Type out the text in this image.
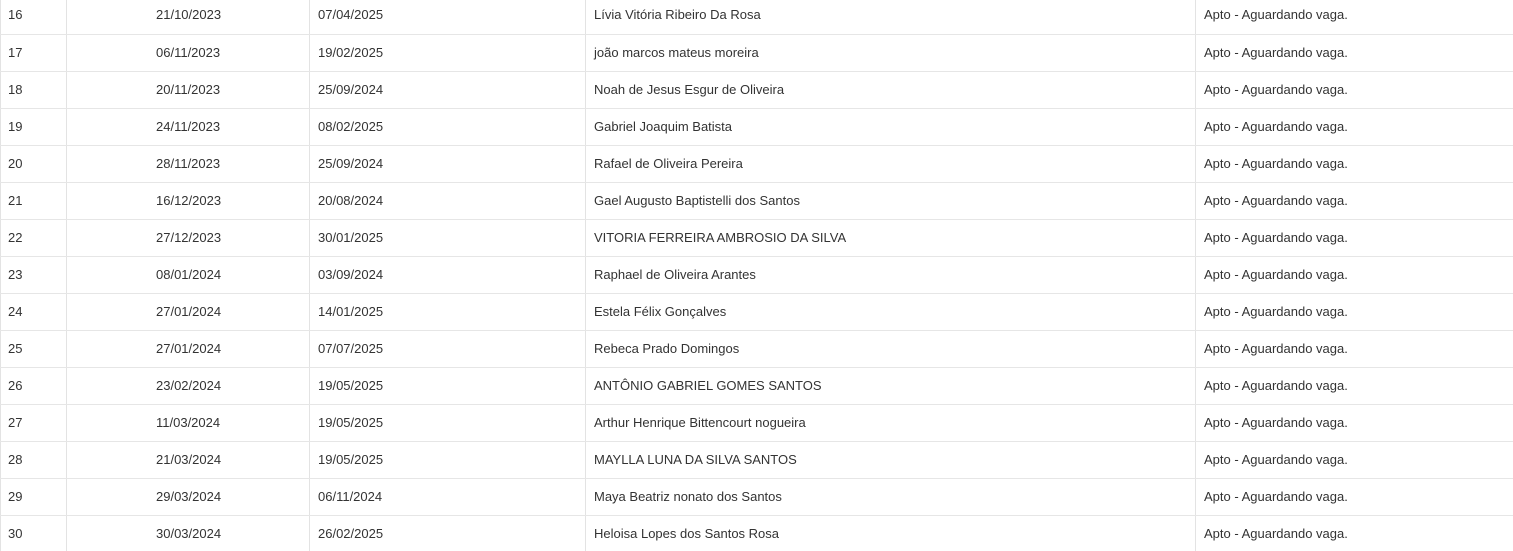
16	21/10/2023	07/04/2025	Lívia Vitória Ribeiro Da Rosa	Apto - Aguardando vaga.
17	06/11/2023	19/02/2025	joão marcos mateus moreira	Apto - Aguardando vaga.
18	20/11/2023	25/09/2024	Noah de Jesus Esgur de Oliveira	Apto - Aguardando vaga.
19	24/11/2023	08/02/2025	Gabriel Joaquim Batista	Apto - Aguardando vaga.
20	28/11/2023	25/09/2024	Rafael de Oliveira Pereira	Apto - Aguardando vaga.
21	16/12/2023	20/08/2024	Gael Augusto Baptistelli dos Santos	Apto - Aguardando vaga.
22	27/12/2023	30/01/2025	VITORIA FERREIRA AMBROSIO DA SILVA	Apto - Aguardando vaga.
23	08/01/2024	03/09/2024	Raphael de Oliveira Arantes	Apto - Aguardando vaga.
24	27/01/2024	14/01/2025	Estela Félix Gonçalves	Apto - Aguardando vaga.
25	27/01/2024	07/07/2025	Rebeca Prado Domingos	Apto - Aguardando vaga.
26	23/02/2024	19/05/2025	ANTÔNIO GABRIEL GOMES SANTOS	Apto - Aguardando vaga.
27	11/03/2024	19/05/2025	Arthur Henrique Bittencourt nogueira	Apto - Aguardando vaga.
28	21/03/2024	19/05/2025	MAYLLA LUNA DA SILVA SANTOS	Apto - Aguardando vaga.
29	29/03/2024	06/11/2024	Maya Beatriz nonato dos Santos	Apto - Aguardando vaga.
30	30/03/2024	26/02/2025	Heloisa Lopes dos Santos Rosa	Apto - Aguardando vaga.
